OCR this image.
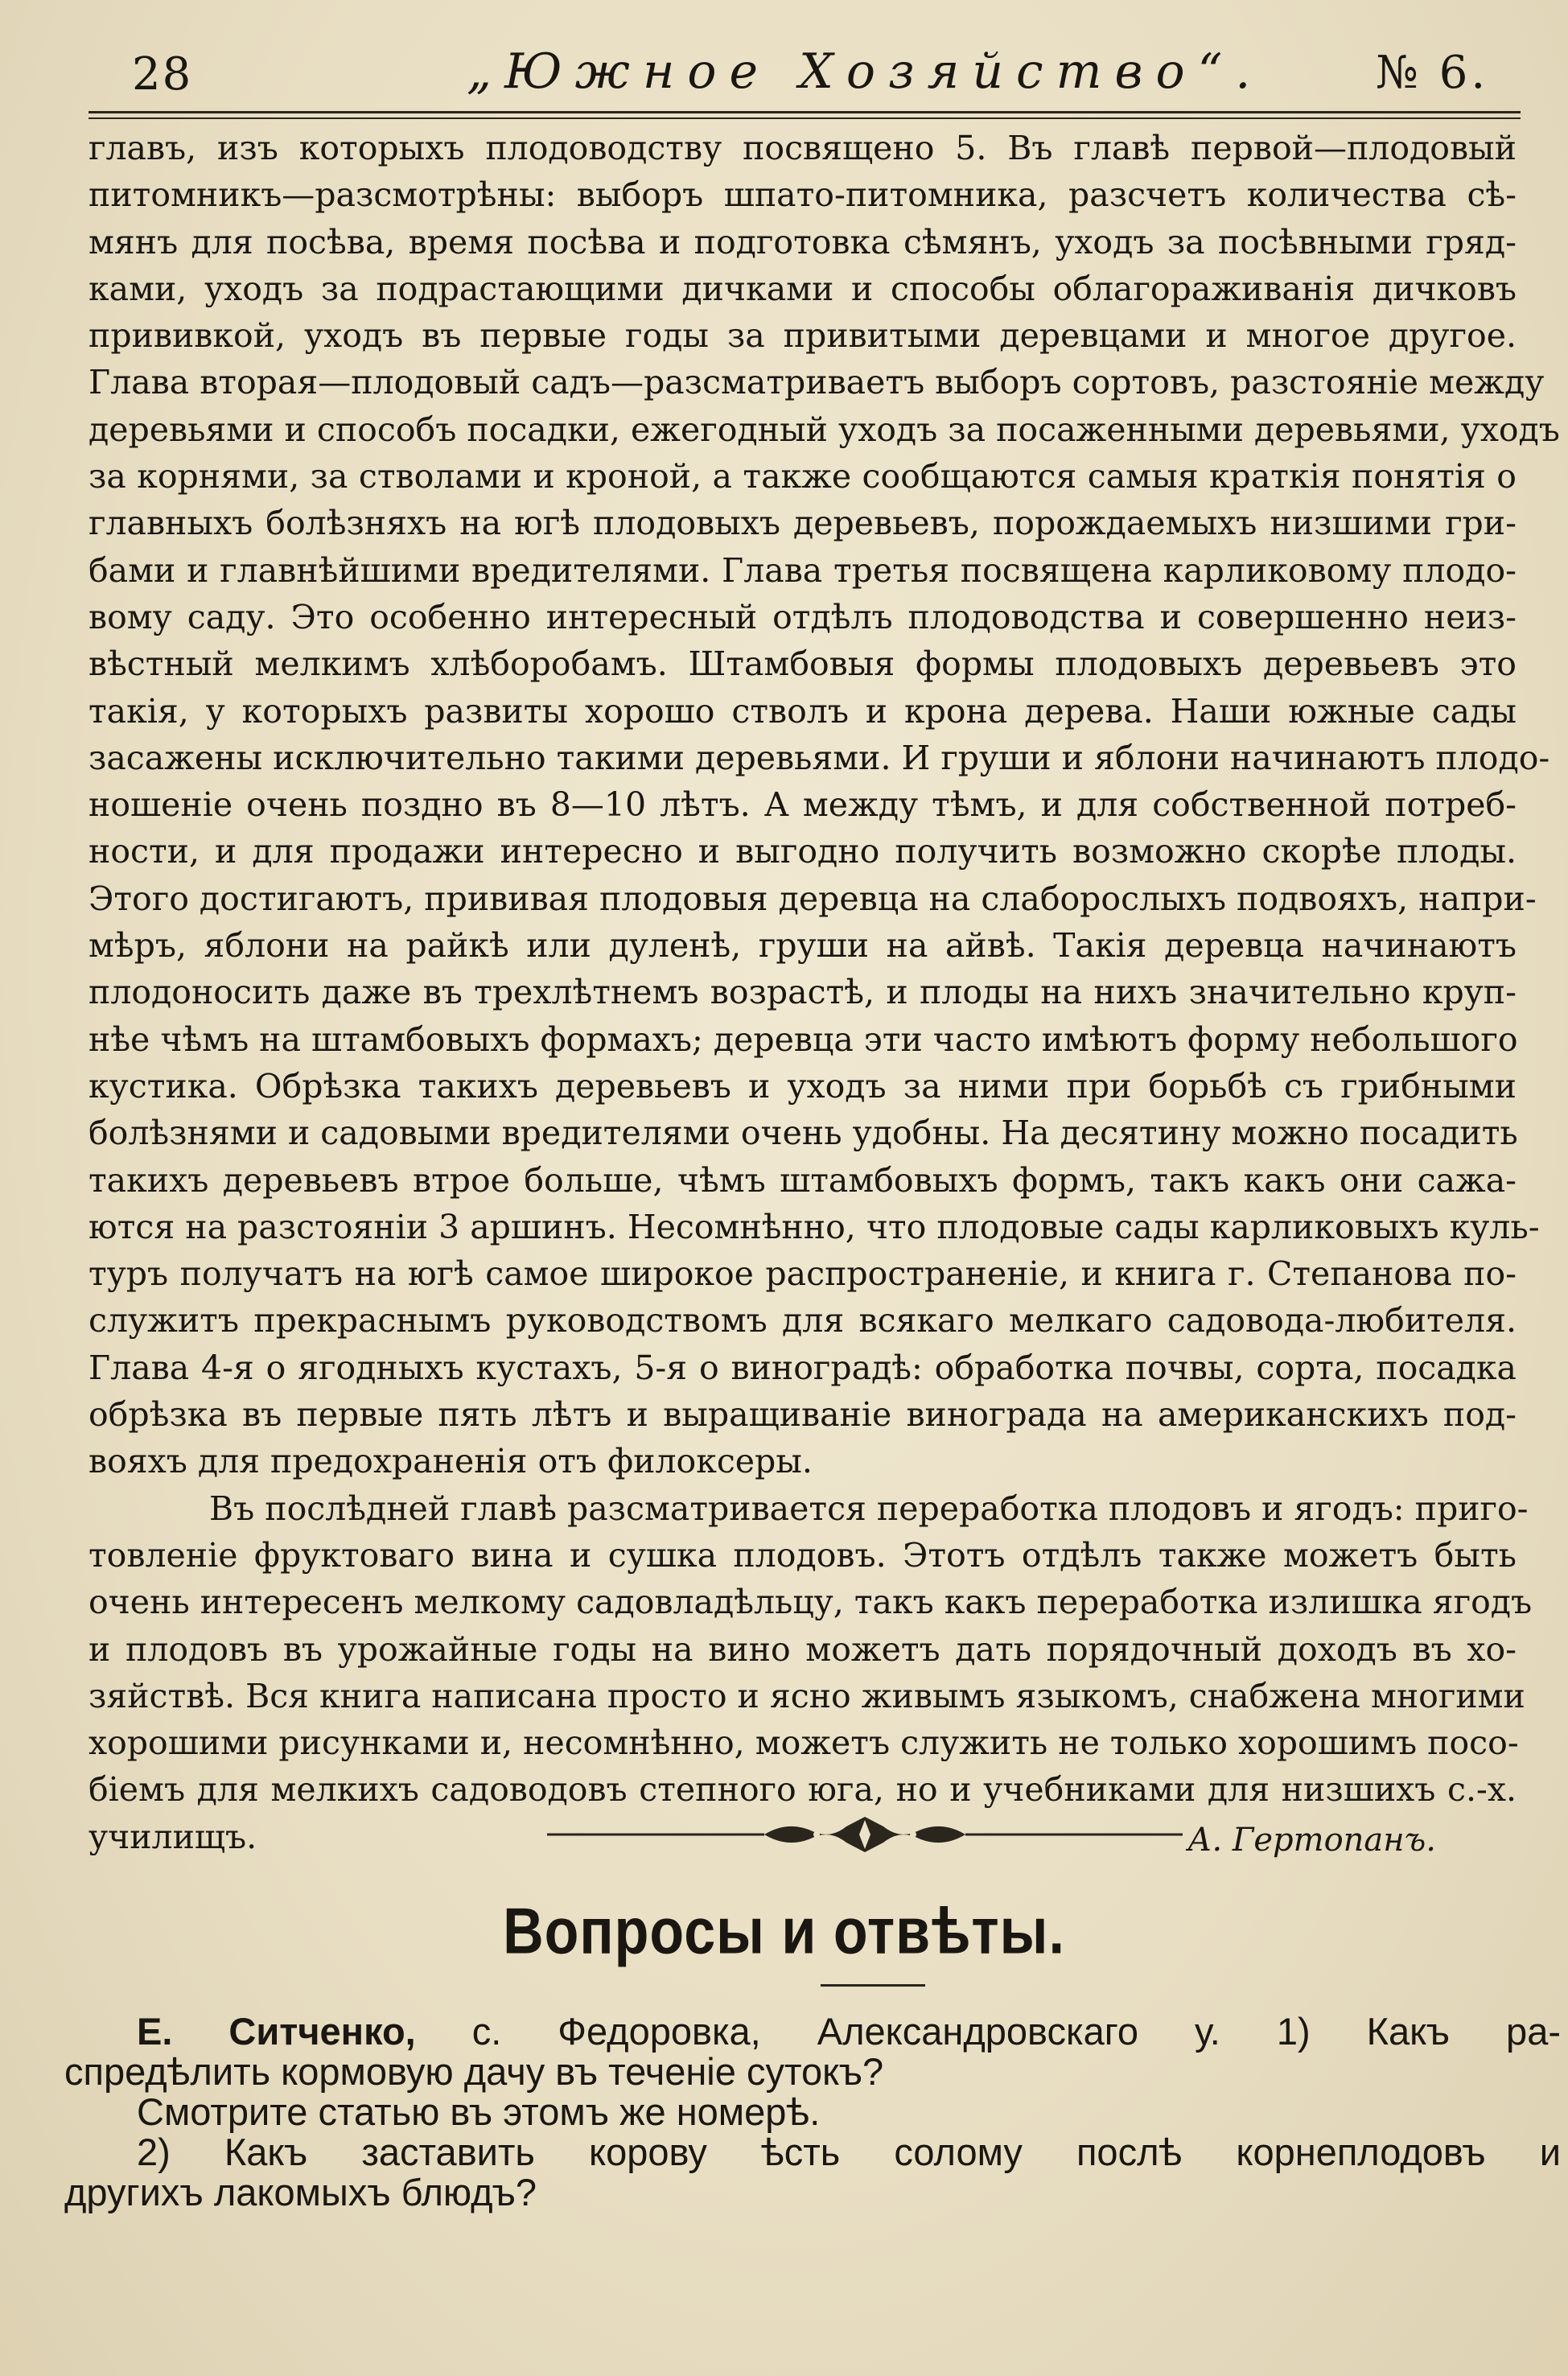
28	„Южное Хозяйство“. № 6.
главъ, изъ которыхъ плодоводству посвящено 5. Въ главѣ первой—плодовый
питомникъ—разсмотрѣны: выборъ шпато-питомника, разсчетъ количества сѣ-
мянъ для посѣва, время посѣва и подготовка сѣмянъ, уходъ за посѣвными гряд-
ками, уходъ за подрастающими дичками и способы облагораживанія дичковъ
прививкой, уходъ въ первые годы за привитыми деревцами и многое другое.
Глава вторая—плодовый садъ—разсматриваетъ выборъ сортовъ, разстояніе между
деревьями и способъ посадки, ежегодный уходъ за посаженными деревьями, уходъ
за корнями, за стволами и кроной, а также сообщаются самыя краткія понятія о
главныхъ болѣзняхъ на югѣ плодовыхъ деревьевъ, порождаемыхъ низшими гри-
бами и главнѣйшими вредителями. Глава третья посвящена карликовому плодо-
вому саду. Это особенно интересный отдѣлъ плодоводства и совершенно неиз-
вѣстный мелкимъ хлѣборобамъ. Штамбовыя формы плодовыхъ деревьевъ это
такія, у которыхъ развиты хорошо стволъ и крона дерева. Наши южные сады
засажены исключительно такими деревьями. И груши и яблони начинаютъ плодо-
ношеніе очень поздно въ 8—10 лѣтъ. А между тѣмъ, и для собственной потреб-
ности, и для продажи интересно и выгодно получить возможно скорѣе плоды.
Этого достигаютъ, прививая плодовыя деревца на слаборослыхъ подвояхъ, напри-
мѣръ, яблони на райкѣ или дуленѣ, груши на айвѣ. Такія деревца начинаютъ
плодоносить даже въ трехлѣтнемъ возрастѣ, и плоды на нихъ значительно круп-
нѣе чѣмъ на штамбовыхъ формахъ; деревца эти часто имѣютъ форму небольшого
кустика. Обрѣзка такихъ деревьевъ и уходъ за ними при борьбѣ съ грибными
болѣзнями и садовыми вредителями очень удобны. На десятину можно посадить
такихъ деревьевъ втрое больше, чѣмъ штамбовыхъ формъ, такъ какъ они сажа-
ются на разстояніи 3 аршинъ. Несомнѣнно, что плодовые сады карликовыхъ куль-
туръ получатъ на югѣ самое широкое распространеніе, и книга г. Степанова по-
служитъ прекраснымъ руководствомъ для всякаго мелкаго садовода-любителя.
Глава 4-я о ягодныхъ кустахъ, 5-я о виноградѣ: обработка почвы, сорта, посадка
обрѣзка въ первые пять лѣтъ и выращиваніе винограда на американскихъ под-
вояхъ для предохраненія отъ филоксеры.
Въ послѣдней главѣ разсматривается переработка плодовъ и ягодъ: приго-
товленіе фруктоваго вина и сушка плодовъ. Этотъ отдѣлъ также можетъ быть
очень интересенъ мелкому садовладѣльцу, такъ какъ переработка излишка ягодъ
и плодовъ въ урожайные годы на вино можетъ дать порядочный доходъ въ хо-
зяйствѣ. Вся книга написана просто и ясно живымъ языкомъ, снабжена многими
хорошими рисунками и, несомнѣнно, можетъ служить не только хорошимъ посо-
біемъ для мелкихъ садоводовъ степного юга, но и учебниками для низшихъ с.-х.
училищъ.	А. Гертопанъ.
Вопросы и отвѣты.
Е. Ситченко, с. Федоровка, Александровскаго у. 1) Какъ ра-
спредѣлить кормовую дачу въ теченіе сутокъ?
Смотрите статью въ этомъ же номерѣ.
2) Какъ заставить корову ѣсть солому послѣ корнеплодовъ и
другихъ лакомыхъ блюдъ?
